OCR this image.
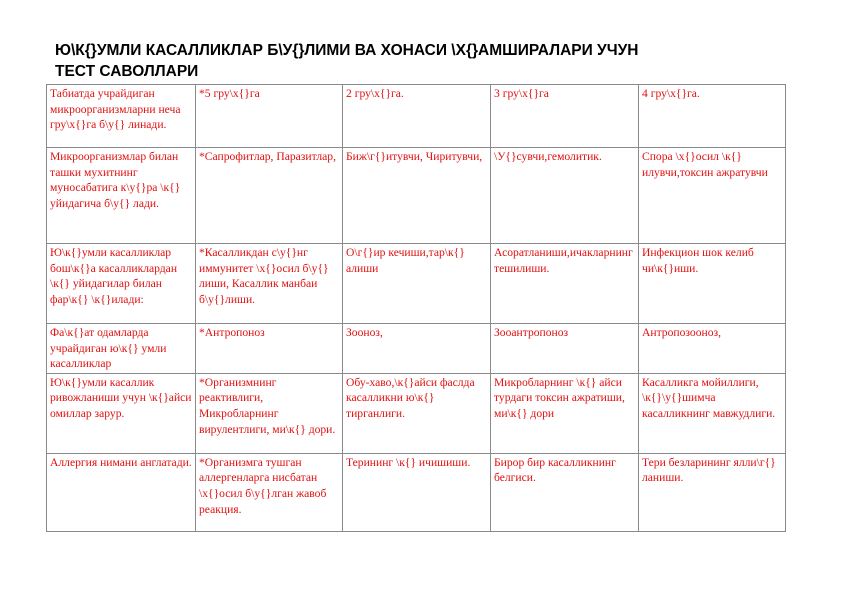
Ю\К{}УМЛИ КАСАЛЛИКЛАР Б\У{}ЛИМИ ВА ХОНАСИ \Х{}АМШИРАЛАРИ УЧУН
ТЕСТ САВОЛЛАРИ
Табиатда учрайдиган микроорганизмларни неча гру\х{}га б\у{} линади.	*5 гру\х{}га	2 гру\х{}га.	3 гру\х{}га	4 гру\х{}га.
Микроорганизмлар билан ташки мухитнинг муносабатига к\у{}ра \к{}уйидагича б\у{} лади.	*Сапрофитлар, Паразитлар,	Биж\г{}итувчи, Чиритувчи,	\У{}сувчи,гемолитик.	Спора \х{}осил \к{} илувчи,токсин ажратувчи
Ю\к{}умли касалликлар бош\к{}а касалликлардан \к{} уйидагилар билан фар\к{} \к{}илади:	*Касалликдан с\у{}нг иммунитет \х{}осил б\у{}лиши, Касаллик манбаи б\у{}лиши.	О\г{}ир кечиши,тар\к{}алиши	Асоратланиши,ичакларнинг тешилиши.	Инфекцион шок келиб чи\к{}иши.
Фа\к{}ат одамларда учрайдиган ю\к{} умли касалликлар	*Антропоноз	Зооноз,	Зооантропоноз	Антропозооноз,
Ю\к{}умли касаллик ривожланиши учун \к{}айси омиллар зарур.	*Организмнинг реактивлиги, Микробларнинг вирулентлиги, ми\к{} дори.	Обу-хаво,\к{}айси фаслда касалликни ю\к{}тирганлиги.	Микробларнинг \к{} айси турдаги токсин ажратиши, ми\к{} дори	Касалликга мойиллиги, \к{}\у{}шимча касалликнинг мавжудлиги.
Аллергия нимани англатади.	*Организмга тушган аллергенларга нисбатан \х{}осил б\у{}лган жавоб реакция.	Терининг \к{} ичишиши.	Бирор бир касалликнинг белгиси.	Тери безларининг ялли\г{}ланиши.
